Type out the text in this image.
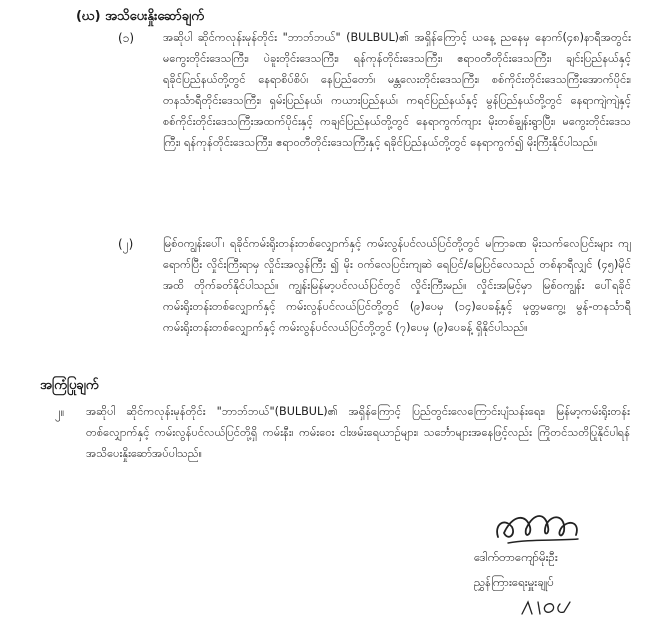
(ဃ) အသိပေးနှိုးဆော်ချက်
(၁)	အဆိုပါ ဆိုင်ကလုန်းမုန်တိုင်း "ဘာဘ်ဘယ်" (BULBUL)၏ အရှိန်ကြောင့် ယနေ့ ညနေမှ နောက်(၄၈)နာရီအတွင်း မကွေးတိုင်းဒေသကြီး၊ ပဲခူးတိုင်းဒေသကြီး၊ ရန်ကုန်တိုင်းဒေသကြီး၊ ဧရာဝတီတိုင်းဒေသကြီး၊ ချင်းပြည်နယ်နှင့် ရခိုင်ပြည်နယ်တို့တွင် နေရာစိပ်စိပ်၊ နေပြည်တော်၊ မန္တလေးတိုင်းဒေသကြီး၊ စစ်ကိုင်းတိုင်းဒေသကြီးအောက်ပိုင်း၊ တနင်္သာရီတိုင်းဒေသကြီး၊ ရှမ်းပြည်နယ်၊ ကယားပြည်နယ်၊ ကရင်ပြည်နယ်နှင့် မွန်ပြည်နယ်တို့တွင် နေရာကျဲကျဲနှင့် စစ်ကိုင်းတိုင်းဒေသကြီးအထက်ပိုင်းနှင့် ကချင်ပြည်နယ်တို့တွင် နေရာကွက်ကျား မိုးတစ်ချွန်းရွာပြီး၊ မကွေးတိုင်းဒေသကြီး၊ ရန်ကုန်တိုင်းဒေသကြီး၊ ဧရာဝတီတိုင်းဒေသကြီးနှင့် ရခိုင်ပြည်နယ်တို့တွင် နေရာကွက်၍ မိုးကြီးနိုင်ပါသည်။
(၂)	မြစ်ဝကျွန်းပေါ်၊ ရခိုင်ကမ်းရိုးတန်းတစ်လျှောက်နှင့် ကမ်းလွန်ပင်လယ်ပြင်တို့တွင် မကြာခဏ မိုးသက်လေပြင်းများ ကျရောက်ပြီး လှိုင်းကြီးရာမှ လှိုင်းအလွန်ကြီး ၍ မိုး ဝက်လေပြင်းကျဆဲ ရေပြင်/မြေပြင်လေသည် တစ်နာရီလျှင် (၄၅)မိုင်အထိ တိုက်ခတ်နိုင်ပါသည်။ ကျွန်းမြန်မာ့ပင်လယ်ပြင်တွင် လှိုင်းကြီးမည်။ လှိုင်းအမြင့်မှာ မြစ်ဝကျွန်း ပေါ်ရခိုင်ကမ်းရိုးတန်းတစ်လျှောက်နှင့် ကမ်းလွန်ပင်လယ်ပြင်တို့တွင် (၉)ပေမှ (၁၄)ပေခန့်နှင့် မုတ္တမကွေ့၊ မွန်-တနင်္သာရီကမ်းရိုးတန်းတစ်လျှောက်နှင့် ကမ်းလွန်ပင်လယ်ပြင်တို့တွင် (၇)ပေမှ (၉)ပေခန့် ရှိနိုင်ပါသည်။
အကြံပြုချက်
၂။ အဆိုပါ ဆိုင်ကလုန်းမုန်တိုင်း "ဘာဘ်ဘယ်"(BULBUL)၏ အရှိန်ကြောင့် ပြည်တွင်းလေကြောင်းပျံသန်းရေး၊ မြန်မာ့ကမ်းရိုးတန်းတစ်လျှောက်နှင့် ကမ်းလွန်ပင်လယ်ပြင်တို့ရှိ ကမ်းနီး၊ ကမ်းဝေး ငါးဖမ်းရေယာဉ်များ၊ သင်္ဘောများအနေဖြင့်လည်း ကြိုတင်သတိပြုနိုင်ပါရန် အသိပေးနှိုးဆော်အပ်ပါသည်။
ဒေါက်တာကျော်မိုးဦး
ညွှန်ကြားရေးမှူးချုပ်
